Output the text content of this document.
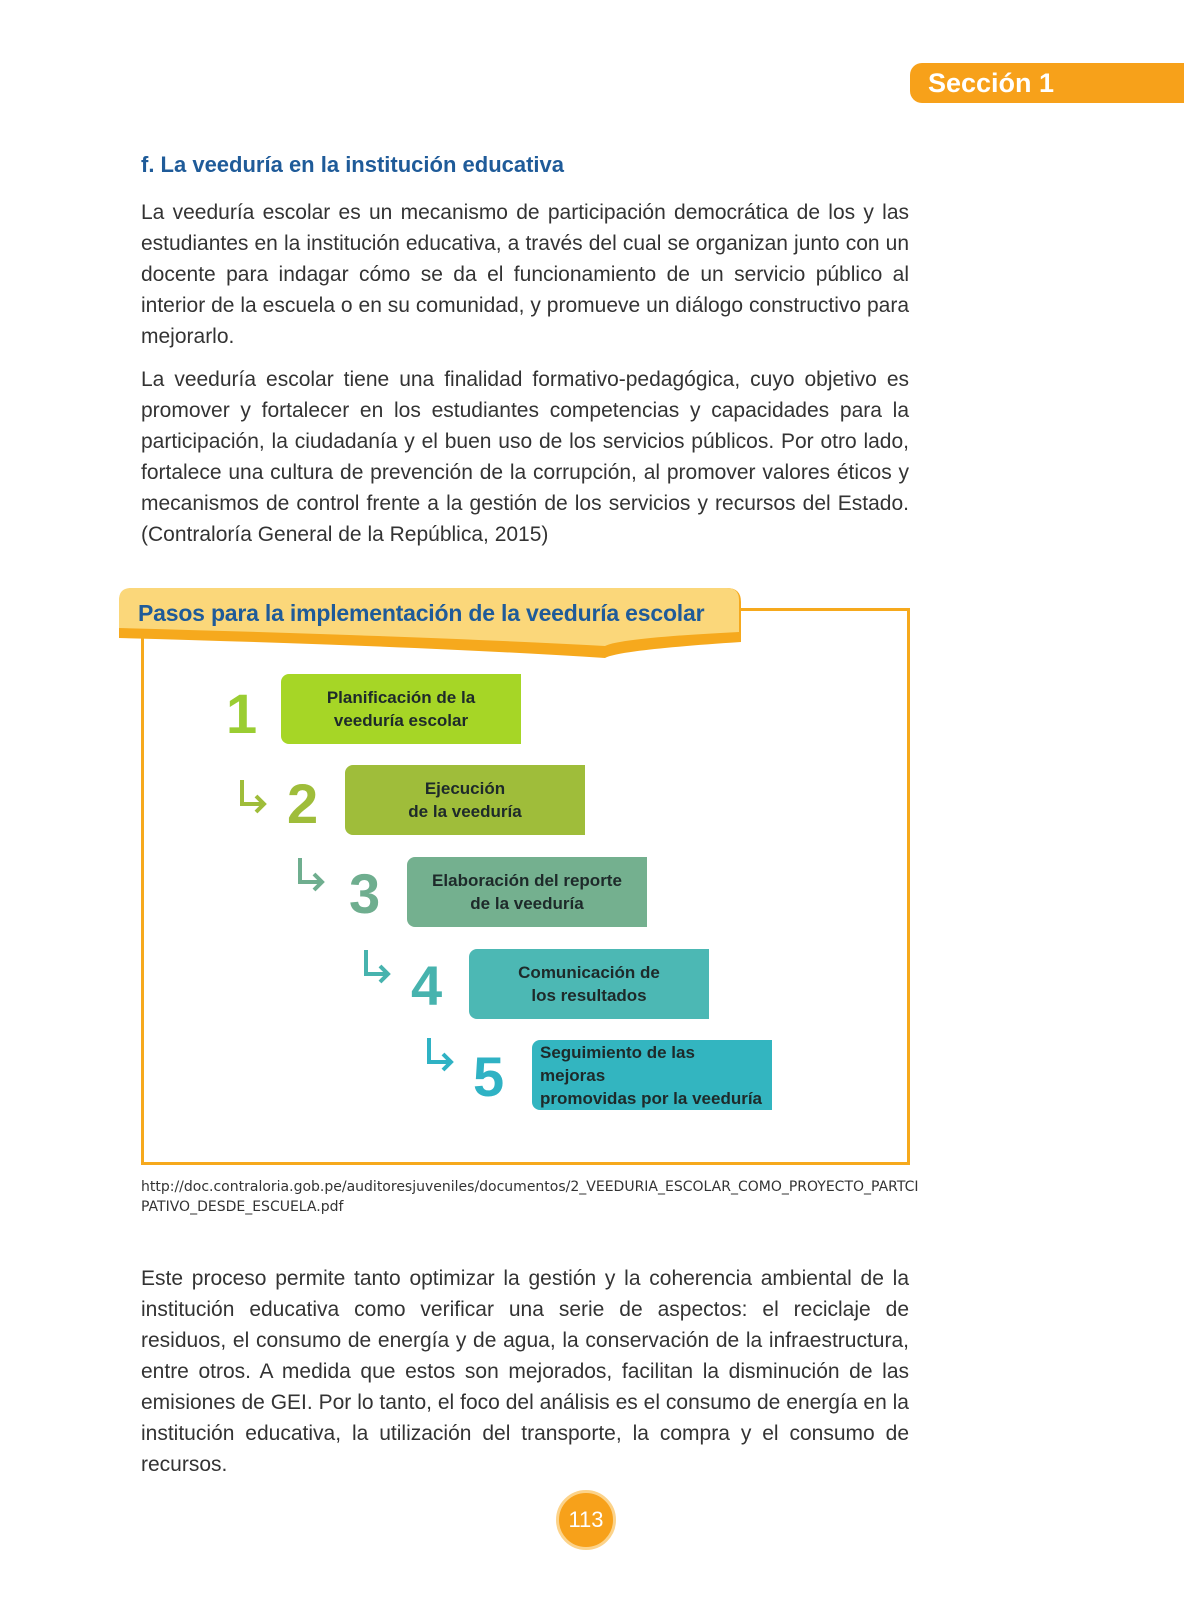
Sección 1
f. La veeduría en la institución educativa

La veeduría escolar es un mecanismo de participación democrática de los y las estudiantes en la institución educativa, a través del cual se organizan junto con un docente para indagar cómo se da el funcionamiento de un servicio público al interior de la escuela o en su comunidad, y promueve un diálogo constructivo para mejorarlo.

La veeduría escolar tiene una finalidad formativo-pedagógica, cuyo objetivo es promover y fortalecer en los estudiantes competencias y capacidades para la participación, la ciudadanía y el buen uso de los servicios públicos. Por otro lado, fortalece una cultura de prevención de la corrupción, al promover valores éticos y mecanismos de control frente a la gestión de los servicios y recursos del Estado. (Contraloría General de la República, 2015)

Pasos para la implementación de la veeduría escolar
1	Planificación de la
veeduría escolar
2	Ejecución
de la veeduría
3	Elaboración del reporte
de la veeduría
4	Comunicación de
los resultados
5 Seguimiento de las mejoras
promovidas por la veeduría

http://doc.contraloria.gob.pe/auditoresjuveniles/documentos/2_VEEDURIA_ESCOLAR_COMO_PROYECTO_PARTCIPATIVO_DESDE_ESCUELA.pdf

Este proceso permite tanto optimizar la gestión y la coherencia ambiental de la institución educativa como verificar una serie de aspectos: el reciclaje de residuos, el consumo de energía y de agua, la conservación de la infraestructura, entre otros. A medida que estos son mejorados, facilitan la disminución de las emisiones de GEI. Por lo tanto, el foco del análisis es el consumo de energía en la institución educativa, la utilización del transporte, la compra y el consumo de recursos.

113
